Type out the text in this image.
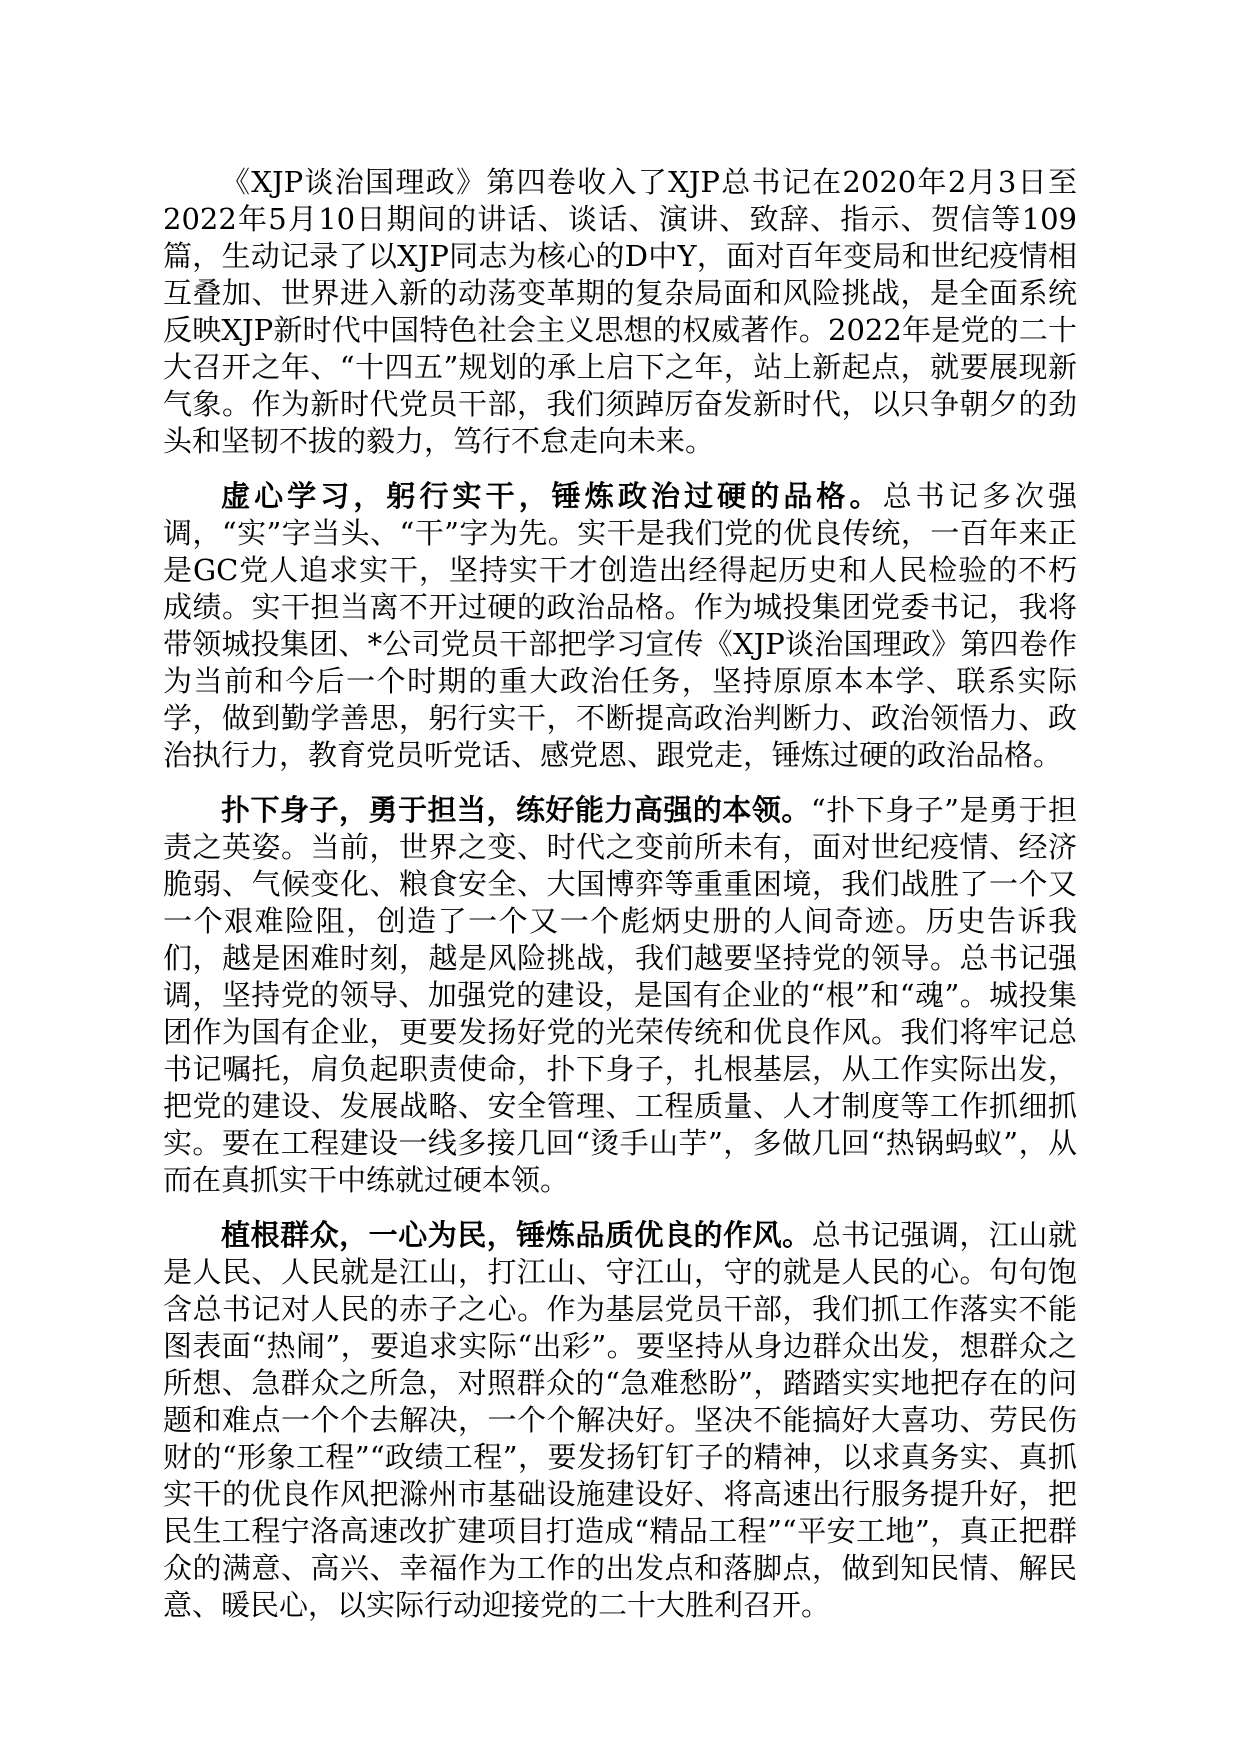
《XJP谈治国理政》第四卷收入了XJP总书记在2020年2月3日至2022年5月10日期间的讲话、谈话、演讲、致辞、指示、贺信等109篇，生动记录了以XJP同志为核心的D中Y，面对百年变局和世纪疫情相互叠加、世界进入新的动荡变革期的复杂局面和风险挑战，是全面系统反映XJP新时代中国特色社会主义思想的权威著作。2022年是党的二十大召开之年、“十四五”规划的承上启下之年，站上新起点，就要展现新气象。作为新时代党员干部，我们须踔厉奋发新时代，以只争朝夕的劲头和坚韧不拔的毅力，笃行不怠走向未来。

虚心学习，躬行实干，锤炼政治过硬的品格。总书记多次强调，“实”字当头、“干”字为先。实干是我们党的优良传统，一百年来正是GC党人追求实干，坚持实干才创造出经得起历史和人民检验的不朽成绩。实干担当离不开过硬的政治品格。作为城投集团党委书记，我将带领城投集团、*公司党员干部把学习宣传《XJP谈治国理政》第四卷作为当前和今后一个时期的重大政治任务，坚持原原本本学、联系实际学，做到勤学善思，躬行实干，不断提高政治判断力、政治领悟力、政治执行力，教育党员听党话、感党恩、跟党走，锤炼过硬的政治品格。

扑下身子，勇于担当，练好能力高强的本领。“扑下身子”是勇于担责之英姿。当前，世界之变、时代之变前所未有，面对世纪疫情、经济脆弱、气候变化、粮食安全、大国博弈等重重困境，我们战胜了一个又一个艰难险阻，创造了一个又一个彪炳史册的人间奇迹。历史告诉我们，越是困难时刻，越是风险挑战，我们越要坚持党的领导。总书记强调，坚持党的领导、加强党的建设，是国有企业的“根”和“魂”。城投集团作为国有企业，更要发扬好党的光荣传统和优良作风。我们将牢记总书记嘱托，肩负起职责使命，扑下身子，扎根基层，从工作实际出发，把党的建设、发展战略、安全管理、工程质量、人才制度等工作抓细抓实。要在工程建设一线多接几回“烫手山芋”，多做几回“热锅蚂蚁”，从而在真抓实干中练就过硬本领。

植根群众，一心为民，锤炼品质优良的作风。总书记强调，江山就是人民、人民就是江山，打江山、守江山，守的就是人民的心。句句饱含总书记对人民的赤子之心。作为基层党员干部，我们抓工作落实不能图表面“热闹”，要追求实际“出彩”。要坚持从身边群众出发，想群众之所想、急群众之所急，对照群众的“急难愁盼”，踏踏实实地把存在的问题和难点一个个去解决，一个个解决好。坚决不能搞好大喜功、劳民伤财的“形象工程”“政绩工程”，要发扬钉钉子的精神，以求真务实、真抓实干的优良作风把滁州市基础设施建设好、将高速出行服务提升好，把民生工程宁洛高速改扩建项目打造成“精品工程”“平安工地”，真正把群众的满意、高兴、幸福作为工作的出发点和落脚点，做到知民情、解民意、暖民心，以实际行动迎接党的二十大胜利召开。
